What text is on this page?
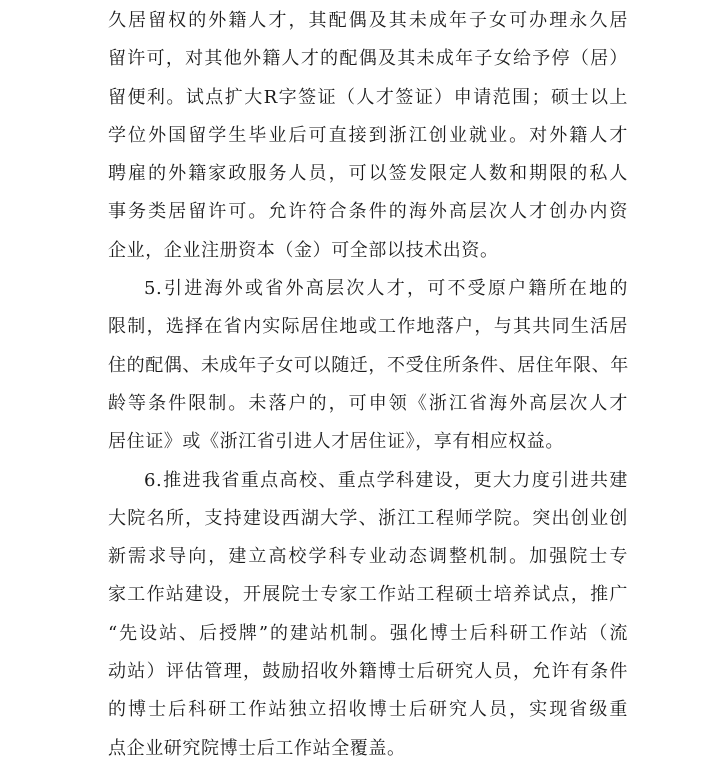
久居留权的外籍人才，其配偶及其未成年子女可办理永久居
留许可，对其他外籍人才的配偶及其未成年子女给予停（居）
留便利。试点扩大R字签证（人才签证）申请范围；硕士以上
学位外国留学生毕业后可直接到浙江创业就业。对外籍人才
聘雇的外籍家政服务人员，可以签发限定人数和期限的私人
事务类居留许可。允许符合条件的海外高层次人才创办内资
企业，企业注册资本（金）可全部以技术出资。
5.引进海外或省外高层次人才，可不受原户籍所在地的
限制，选择在省内实际居住地或工作地落户，与其共同生活居
住的配偶、未成年子女可以随迁，不受住所条件、居住年限、年
龄等条件限制。未落户的，可申领《浙江省海外高层次人才
居住证》或《浙江省引进人才居住证》，享有相应权益。
6.推进我省重点高校、重点学科建设，更大力度引进共建
大院名所，支持建设西湖大学、浙江工程师学院。突出创业创
新需求导向，建立高校学科专业动态调整机制。加强院士专
家工作站建设，开展院士专家工作站工程硕士培养试点，推广
“先设站、后授牌”的建站机制。强化博士后科研工作站（流
动站）评估管理，鼓励招收外籍博士后研究人员，允许有条件
的博士后科研工作站独立招收博士后研究人员，实现省级重
点企业研究院博士后工作站全覆盖。
